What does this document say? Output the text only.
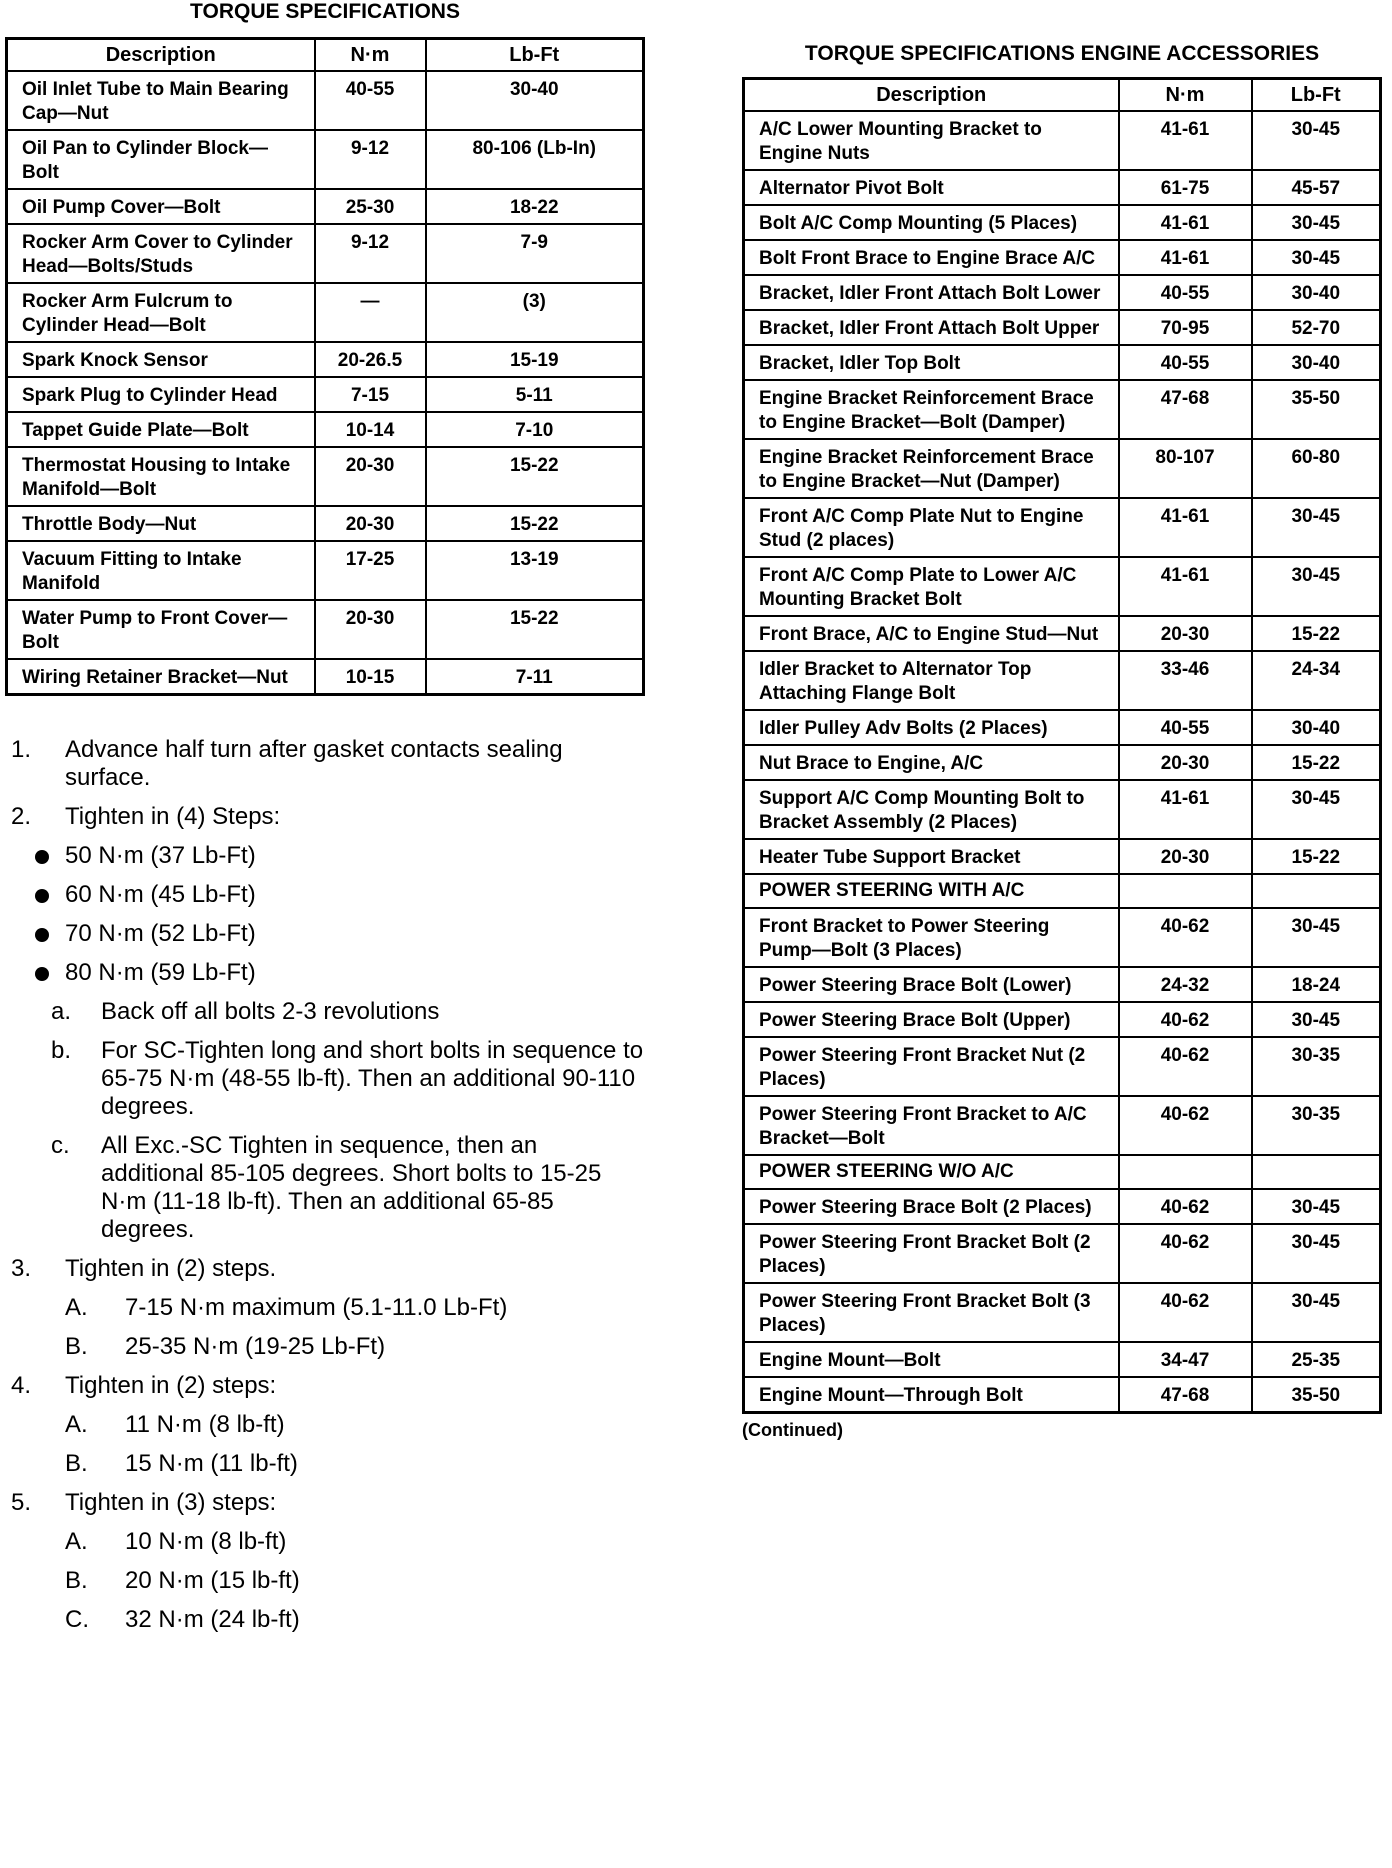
TORQUE SPECIFICATIONS
Description	N·m	Lb-Ft
Oil Inlet Tube to Main Bearing Cap—Nut	40-55	30-40
Oil Pan to Cylinder Block—Bolt	9-12	80-106 (Lb-In)
Oil Pump Cover—Bolt	25-30	18-22
Rocker Arm Cover to Cylinder Head—Bolts/Studs	9-12	7-9
Rocker Arm Fulcrum to Cylinder Head—Bolt	—	(3)
Spark Knock Sensor	20-26.5	15-19
Spark Plug to Cylinder Head	7-15	5-11
Tappet Guide Plate—Bolt	10-14	7-10
Thermostat Housing to Intake Manifold—Bolt	20-30	15-22
Throttle Body—Nut	20-30	15-22
Vacuum Fitting to Intake Manifold	17-25	13-19
Water Pump to Front Cover—Bolt	20-30	15-22
Wiring Retainer Bracket—Nut	10-15	7-11
1. Advance half turn after gasket contacts sealing surface.
2. Tighten in (4) Steps:
50 N·m (37 Lb-Ft)
60 N·m (45 Lb-Ft)
70 N·m (52 Lb-Ft)
80 N·m (59 Lb-Ft)
a. Back off all bolts 2-3 revolutions
b. For SC-Tighten long and short bolts in sequence to 65-75 N·m (48-55 lb-ft). Then an additional 90-110 degrees.
c. All Exc.-SC Tighten in sequence, then an additional 85-105 degrees. Short bolts to 15-25 N·m (11-18 lb-ft). Then an additional 65-85 degrees.
3. Tighten in (2) steps.
A. 7-15 N·m maximum (5.1-11.0 Lb-Ft)
B. 25-35 N·m (19-25 Lb-Ft)
4. Tighten in (2) steps:
A. 11 N·m (8 lb-ft)
B. 15 N·m (11 lb-ft)
5. Tighten in (3) steps:
A. 10 N·m (8 lb-ft)
B. 20 N·m (15 lb-ft)
C. 32 N·m (24 lb-ft)
TORQUE SPECIFICATIONS ENGINE ACCESSORIES
Description	N·m	Lb-Ft
A/C Lower Mounting Bracket to Engine Nuts	41-61	30-45
Alternator Pivot Bolt	61-75	45-57
Bolt A/C Comp Mounting (5 Places)	41-61	30-45
Bolt Front Brace to Engine Brace A/C	41-61	30-45
Bracket, Idler Front Attach Bolt Lower	40-55	30-40
Bracket, Idler Front Attach Bolt Upper	70-95	52-70
Bracket, Idler Top Bolt	40-55	30-40
Engine Bracket Reinforcement Brace to Engine Bracket—Bolt (Damper)	47-68	35-50
Engine Bracket Reinforcement Brace to Engine Bracket—Nut (Damper)	80-107	60-80
Front A/C Comp Plate Nut to Engine Stud (2 places)	41-61	30-45
Front A/C Comp Plate to Lower A/C Mounting Bracket Bolt	41-61	30-45
Front Brace, A/C to Engine Stud—Nut	20-30	15-22
Idler Bracket to Alternator Top Attaching Flange Bolt	33-46	24-34
Idler Pulley Adv Bolts (2 Places)	40-55	30-40
Nut Brace to Engine, A/C	20-30	15-22
Support A/C Comp Mounting Bolt to Bracket Assembly (2 Places)	41-61	30-45
Heater Tube Support Bracket	20-30	15-22
POWER STEERING WITH A/C		
Front Bracket to Power Steering Pump—Bolt (3 Places)	40-62	30-45
Power Steering Brace Bolt (Lower)	24-32	18-24
Power Steering Brace Bolt (Upper)	40-62	30-45
Power Steering Front Bracket Nut (2 Places)	40-62	30-35
Power Steering Front Bracket to A/C Bracket—Bolt	40-62	30-35
POWER STEERING W/O A/C		
Power Steering Brace Bolt (2 Places)	40-62	30-45
Power Steering Front Bracket Bolt (2 Places)	40-62	30-45
Power Steering Front Bracket Bolt (3 Places)	40-62	30-45
Engine Mount—Bolt	34-47	25-35
Engine Mount—Through Bolt	47-68	35-50
(Continued)
